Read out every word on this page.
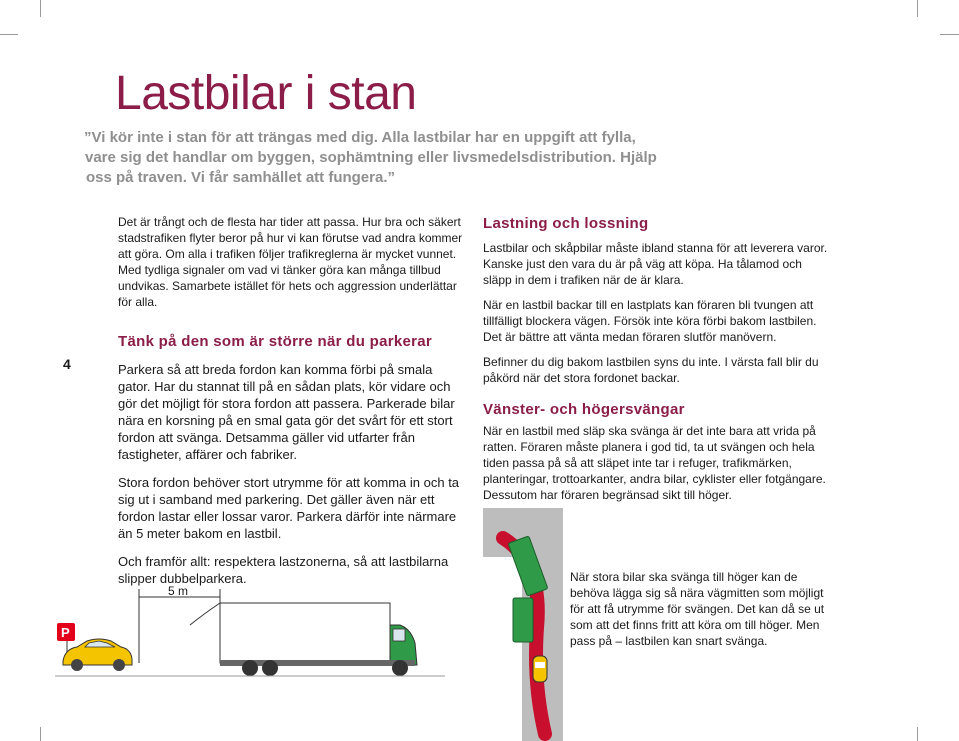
Lastbilar i stan
”Vi kör inte i stan för att trängas med dig. Alla lastbilar har en uppgift att fylla,
vare sig det handlar om byggen, sophämtning eller livsmedelsdistribution. Hjälp
oss på traven. Vi får samhället att fungera.”
4

Det är trångt och de flesta har tider att passa. Hur bra och säkert stadstrafiken flyter beror på hur vi kan förutse vad andra kommer att göra. Om alla i trafiken följer trafikreglerna är mycket vunnet. Med tydliga signaler om vad vi tänker göra kan många tillbud undvikas. Samarbete istället för hets och aggression underlättar för alla.

Tänk på den som är större när du parkerar

Parkera så att breda fordon kan komma förbi på smala gator. Har du stannat till på en sådan plats, kör vidare och gör det möjligt för stora fordon att passera. Parkerade bilar nära en korsning på en smal gata gör det svårt för ett stort fordon att svänga. Detsamma gäller vid utfarter från fastigheter, affärer och fabriker.

Stora fordon behöver stort utrymme för att komma in och ta sig ut i samband med parkering. Det gäller även när ett fordon lastar eller lossar varor. Parkera därför inte närmare än 5 meter bakom en lastbil.

Och framför allt: respektera lastzonerna, så att lastbilarna slipper dubbelparkera.

Lastning och lossning

Lastbilar och skåpbilar måste ibland stanna för att leverera varor. Kanske just den vara du är på väg att köpa. Ha tålamod och släpp in dem i trafiken när de är klara.

När en lastbil backar till en lastplats kan föraren bli tvungen att tillfälligt blockera vägen. Försök inte köra förbi bakom lastbilen. Det är bättre att vänta medan föraren slutför manövern.

Befinner du dig bakom lastbilen syns du inte. I värsta fall blir du påkörd när det stora fordonet backar.

Vänster- och högersvängar

När en lastbil med släp ska svänga är det inte bara att vrida på ratten. Föraren måste planera i god tid, ta ut svängen och hela tiden passa på så att släpet inte tar i refuger, trafikmärken, planteringar, trottoarkanter, andra bilar, cyklister eller fotgängare. Dessutom har föraren begränsad sikt till höger.

5 m
P

När stora bilar ska svänga till höger kan de behöva lägga sig så nära vägmitten som möjligt för att få utrymme för svängen. Det kan då se ut som att det finns fritt att köra om till höger. Men pass på – lastbilen kan snart svänga.
